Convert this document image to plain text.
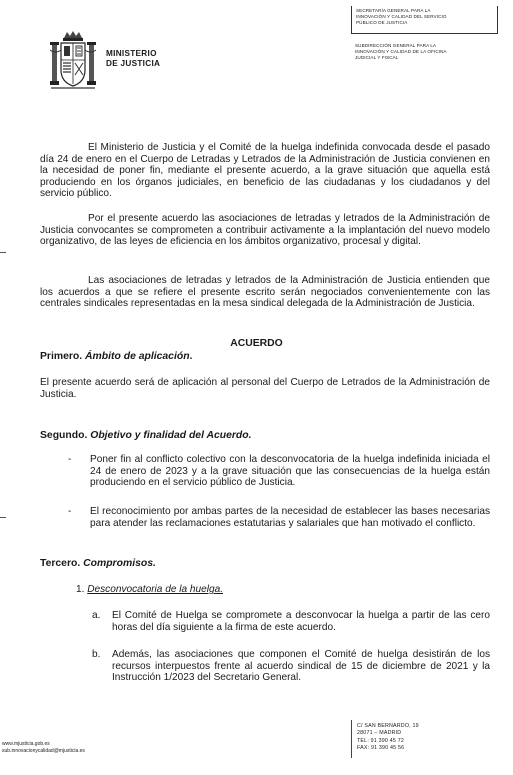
MINISTERIO
DE JUSTICIA
SECRETARÍA GENERAL PARA LA
INNOVACIÓN Y CALIDAD DEL SERVICIO
PÚBLICO DE JUSTICIA
SUBDIRECCIÓN GENERAL PARA LA
INNOVACIÓN Y CALIDAD DE LA OFICINA
JUDICIAL Y FISCAL

El Ministerio de Justicia y el Comité de la huelga indefinida convocada desde el pasado día 24 de enero en el Cuerpo de Letradas y Letrados de la Administración de Justicia convienen en la necesidad de poner fin, mediante el presente acuerdo, a la grave situación que aquella está produciendo en los órganos judiciales, en beneficio de las ciudadanas y los ciudadanos y del servicio público.

Por el presente acuerdo las asociaciones de letradas y letrados de la Administración de Justicia convocantes se comprometen a contribuir activamente a la implantación del nuevo modelo organizativo, de las leyes de eficiencia en los ámbitos organizativo, procesal y digital.

Las asociaciones de letradas y letrados de la Administración de Justicia entienden que los acuerdos a que se refiere el presente escrito serán negociados convenientemente con las centrales sindicales representadas en la mesa sindical delegada de la Administración de Justicia.

ACUERDO
Primero. Ámbito de aplicación.

El presente acuerdo será de aplicación al personal del Cuerpo de Letrados de la Administración de Justicia.

Segundo. Objetivo y finalidad del Acuerdo.
- Poner fin al conflicto colectivo con la desconvocatoria de la huelga indefinida iniciada el 24 de enero de 2023 y a la grave situación que las consecuencias de la huelga están produciendo en el servicio público de Justicia.

- El reconocimiento por ambas partes de la necesidad de establecer las bases necesarias para atender las reclamaciones estatutarias y salariales que han motivado el conflicto.

Tercero. Compromisos.
1. Desconvocatoria de la huelga.
a. El Comité de Huelga se compromete a desconvocar la huelga a partir de las cero horas del día siguiente a la firma de este acuerdo.

b. Además, las asociaciones que componen el Comité de huelga desistirán de los recursos interpuestos frente al acuerdo sindical de 15 de diciembre de 2021 y la Instrucción 1/2023 del Secretario General.

www.mjusticia.gob.es
sub.innovacionycalidad@mjusticia.es
C/ SAN BERNARDO, 19
28071 – MADRID
TEL: 91 390 45 72
FAX: 91 390 45 56
